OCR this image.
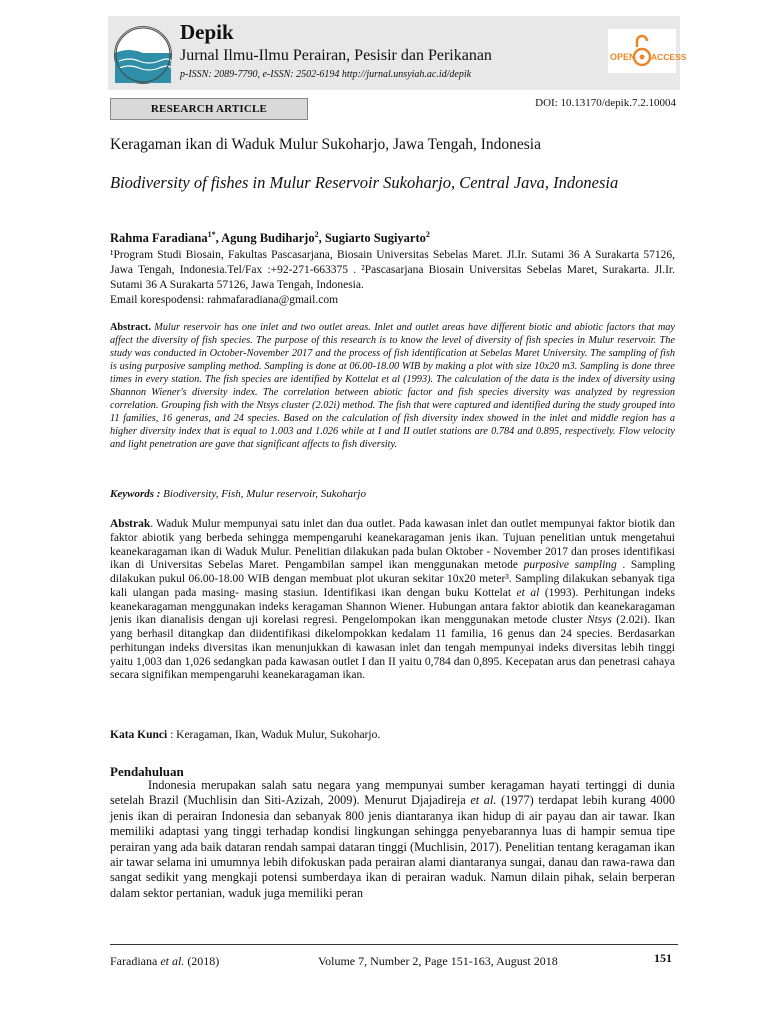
Depik
Jurnal Ilmu-Ilmu Perairan, Pesisir dan Perikanan
p-ISSN: 2089-7790, e-ISSN: 2502-6194 http://jurnal.unsyiah.ac.id/depik
OPEN ACCESS
RESEARCH ARTICLE	DOI: 10.13170/depik.7.2.10004
Keragaman ikan di Waduk Mulur Sukoharjo, Jawa Tengah, Indonesia
Biodiversity of fishes in Mulur Reservoir Sukoharjo, Central Java, Indonesia
Rahma Faradiana$^{1*}$, Agung Budiharjo$^2$, Sugiarto Sugiyarto$^2$
¹Program Studi Biosain, Fakultas Pascasarjana, Biosain Universitas Sebelas Maret. Jl.Ir. Sutami 36 A Surakarta 57126, Jawa Tengah, Indonesia.Tel/Fax :+92-271-663375 . ²Pascasarjana Biosain Universitas Sebelas Maret, Surakarta. Jl.Ir. Sutami 36 A Surakarta 57126, Jawa Tengah, Indonesia.
Email korespodensi: rahmafaradiana@gmail.com
Abstract. Mulur reservoir has one inlet and two outlet areas. Inlet and outlet areas have different biotic and abiotic factors that may affect the diversity of fish species. The purpose of this research is to know the level of diversity of fish species in Mulur reservoir. The study was conducted in October-November 2017 and the process of fish identification at Sebelas Maret University. The sampling of fish is using purposive sampling method. Sampling is done at 06.00-18.00 WIB by making a plot with size 10x20 m3. Sampling is done three times in every station. The fish species are identified by Kottelat et al (1993). The calculation of the data is the index of diversity using Shannon Wiener's diversity index. The correlation between abiotic factor and fish species diversity was analyzed by regression correlation. Grouping fish with the Ntsys cluster (2.02i) method. The fish that were captured and identified during the study grouped into 11 families, 16 generas, and 24 species. Based on the calculation of fish diversity index showed in the inlet and middle region has a higher diversity index that is equal to 1.003 and 1.026 while at I and II outlet stations are 0.784 and 0.895, respectively. Flow velocity and light penetration are gave that significant affects to fish diversity.
Keywords : Biodiversity, Fish, Mulur reservoir, Sukoharjo
Abstrak. Waduk Mulur mempunyai satu inlet dan dua outlet. Pada kawasan inlet dan outlet mempunyai faktor biotik dan faktor abiotik yang berbeda sehingga mempengaruhi keanekaragaman jenis ikan. Tujuan penelitian untuk mengetahui keanekaragaman ikan di Waduk Mulur. Penelitian dilakukan pada bulan Oktober - November 2017 dan proses identifikasi ikan di Universitas Sebelas Maret. Pengambilan sampel ikan menggunakan metode purposive sampling . Sampling dilakukan pukul 06.00-18.00 WIB dengan membuat plot ukuran sekitar 10x20 meter³. Sampling dilakukan sebanyak tiga kali ulangan pada masing- masing stasiun. Identifikasi ikan dengan buku Kottelat et al (1993). Perhitungan indeks keanekaragaman menggunakan indeks keragaman Shannon Wiener. Hubungan antara faktor abiotik dan keanekaragaman jenis ikan dianalisis dengan uji korelasi regresi. Pengelompokan ikan menggunakan metode cluster Ntsys (2.02i). Ikan yang berhasil ditangkap dan diidentifikasi dikelompokkan kedalam 11 familia, 16 genus dan 24 species. Berdasarkan perhitungan indeks diversitas ikan menunjukkan di kawasan inlet dan tengah mempunyai indeks diversitas lebih tinggi yaitu 1,003 dan 1,026 sedangkan pada kawasan outlet I dan II yaitu 0,784 dan 0,895. Kecepatan arus dan penetrasi cahaya secara signifikan mempengaruhi keanekaragaman ikan.
Kata Kunci : Keragaman, Ikan, Waduk Mulur, Sukoharjo.
Pendahuluan
Indonesia merupakan salah satu negara yang mempunyai sumber keragaman hayati tertinggi di dunia setelah Brazil (Muchlisin dan Siti-Azizah, 2009). Menurut Djajadireja et al. (1977) terdapat lebih kurang 4000 jenis ikan di perairan Indonesia dan sebanyak 800 jenis diantaranya ikan hidup di air payau dan air tawar. Ikan memiliki adaptasi yang tinggi terhadap kondisi lingkungan sehingga penyebarannya luas di hampir semua tipe perairan yang ada baik dataran rendah sampai dataran tinggi (Muchlisin, 2017). Penelitian tentang keragaman ikan air tawar selama ini umumnya lebih difokuskan pada perairan alami diantaranya sungai, danau dan rawa-rawa dan sangat sedikit yang mengkaji potensi sumberdaya ikan di perairan waduk. Namun dilain pihak, selain berperan dalam sektor pertanian, waduk juga memiliki peran
Faradiana et al. (2018)	Volume 7, Number 2, Page 151-163, August 2018	151
